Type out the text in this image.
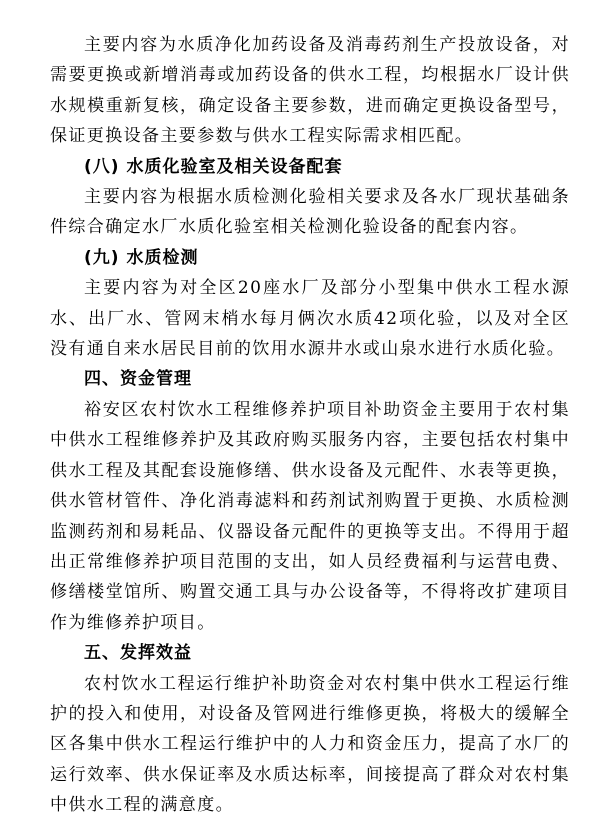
主要内容为水质净化加药设备及消毒药剂生产投放设备，对需要更换或新增消毒或加药设备的供水工程，均根据水厂设计供水规模重新复核，确定设备主要参数，进而确定更换设备型号，保证更换设备主要参数与供水工程实际需求相匹配。

(八) 水质化验室及相关设备配套

主要内容为根据水质检测化验相关要求及各水厂现状基础条件综合确定水厂水质化验室相关检测化验设备的配套内容。

(九) 水质检测

主要内容为对全区20座水厂及部分小型集中供水工程水源水、出厂水、管网末梢水每月俩次水质42项化验，以及对全区没有通自来水居民目前的饮用水源井水或山泉水进行水质化验。

四、资金管理

裕安区农村饮水工程维修养护项目补助资金主要用于农村集中供水工程维修养护及其政府购买服务内容，主要包括农村集中供水工程及其配套设施修缮、供水设备及元配件、水表等更换，供水管材管件、净化消毒滤料和药剂试剂购置于更换、水质检测监测药剂和易耗品、仪器设备元配件的更换等支出。不得用于超出正常维修养护项目范围的支出，如人员经费福利与运营电费、修缮楼堂馆所、购置交通工具与办公设备等，不得将改扩建项目作为维修养护项目。

五、发挥效益

农村饮水工程运行维护补助资金对农村集中供水工程运行维护的投入和使用，对设备及管网进行维修更换，将极大的缓解全区各集中供水工程运行维护中的人力和资金压力，提高了水厂的运行效率、供水保证率及水质达标率，间接提高了群众对农村集中供水工程的满意度。
